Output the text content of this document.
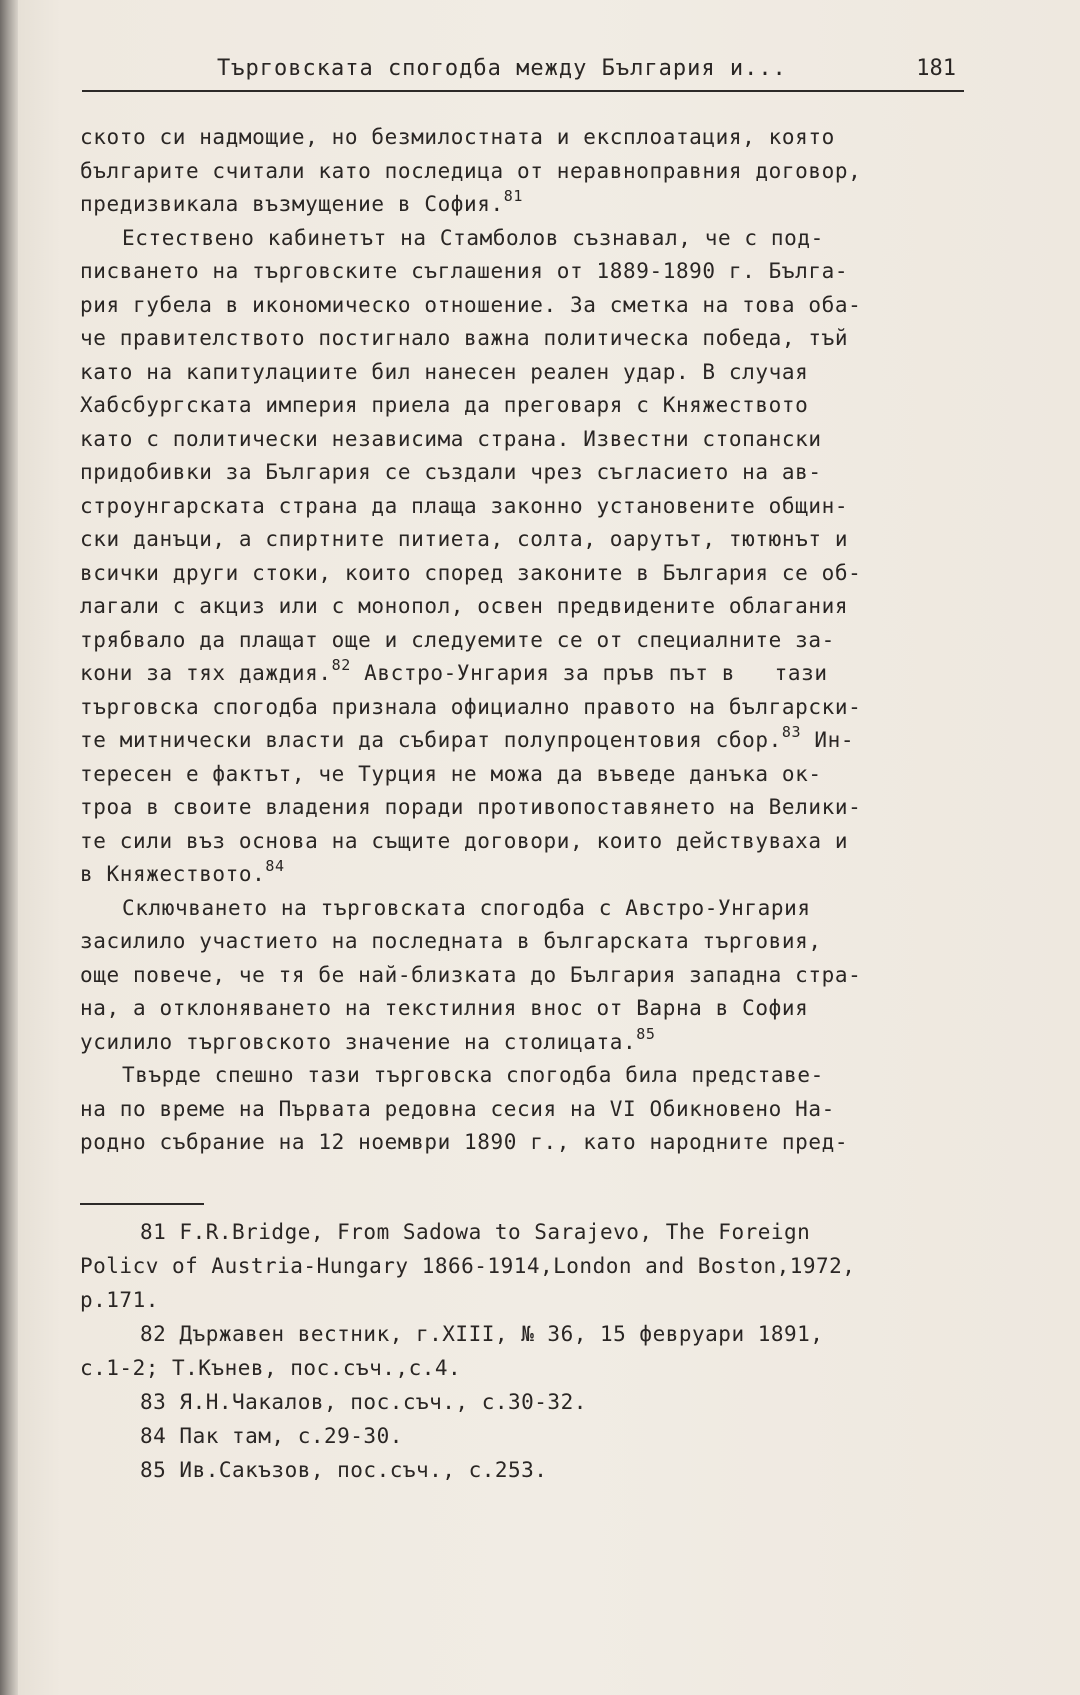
Търговската спогодба между България и...	181
ското си надмощие, но безмилостната и експлоатация, която
българите считали като последица от неравноправния договор,
предизвикала възмущение в София.$^{81}$
Естествено кабинетът на Стамболов съзнавал, че с под-
писването на търговските съглашения от 1889-1890 г. Бълга-
рия губела в икономическо отношение. За сметка на това оба-
че правителството постигнало важна политическа победа, тъй
като на капитулациите бил нанесен реален удар. В случая
Хабсбургската империя приела да преговаря с Княжеството
като с политически независима страна. Известни стопански
придобивки за България се създали чрез съгласието на ав-
строунгарската страна да плаща законно установените общин-
ски данъци, а спиртните питиета, солта, оарутът, тютюнът и
всички други стоки, които според законите в България се об-
лагали с акциз или с монопол, освен предвидените облагания
трябвало да плащат още и следуемите се от специалните за-
кони за тях даждия.$^{82}$ Австро-Унгария за пръв път в   тази
търговска спогодба признала официално правото на български-
те митнически власти да събират полупроцентовия сбор.$^{83}$ Ин-
тересен е фактът, че Турция не можа да въведе данъка ок-
троа в своите владения поради противопоставянето на Велики-
те сили въз основа на същите договори, които действуваха и
в Княжеството.$^{84}$
Сключването на търговската спогодба с Австро-Унгария
засилило участието на последната в българската търговия,
още повече, че тя бе най-близката до България западна стра-
на, а отклоняването на текстилния внос от Варна в София
усилило търговското значение на столицата.$^{85}$
Твърде спешно тази търговска спогодба била представе-
на по време на Първата редовна сесия на VI Обикновено На-
родно събрание на 12 ноември 1890 г., като народните пред-
81 F.R.Bridge, From Sadowa to Sarajevo, The Foreign
Policv of Austria-Hungary 1866-1914,London and Boston,1972,
p.171.
82 Държавен вестник, г.XIII, № 36, 15 февруари 1891,
с.1-2; Т.Кънев, пос.съч.,с.4.
83 Я.Н.Чакалов, пос.съч., с.30-32.
84 Пак там, с.29-30.
85 Ив.Сакъзов, пос.съч., с.253.
